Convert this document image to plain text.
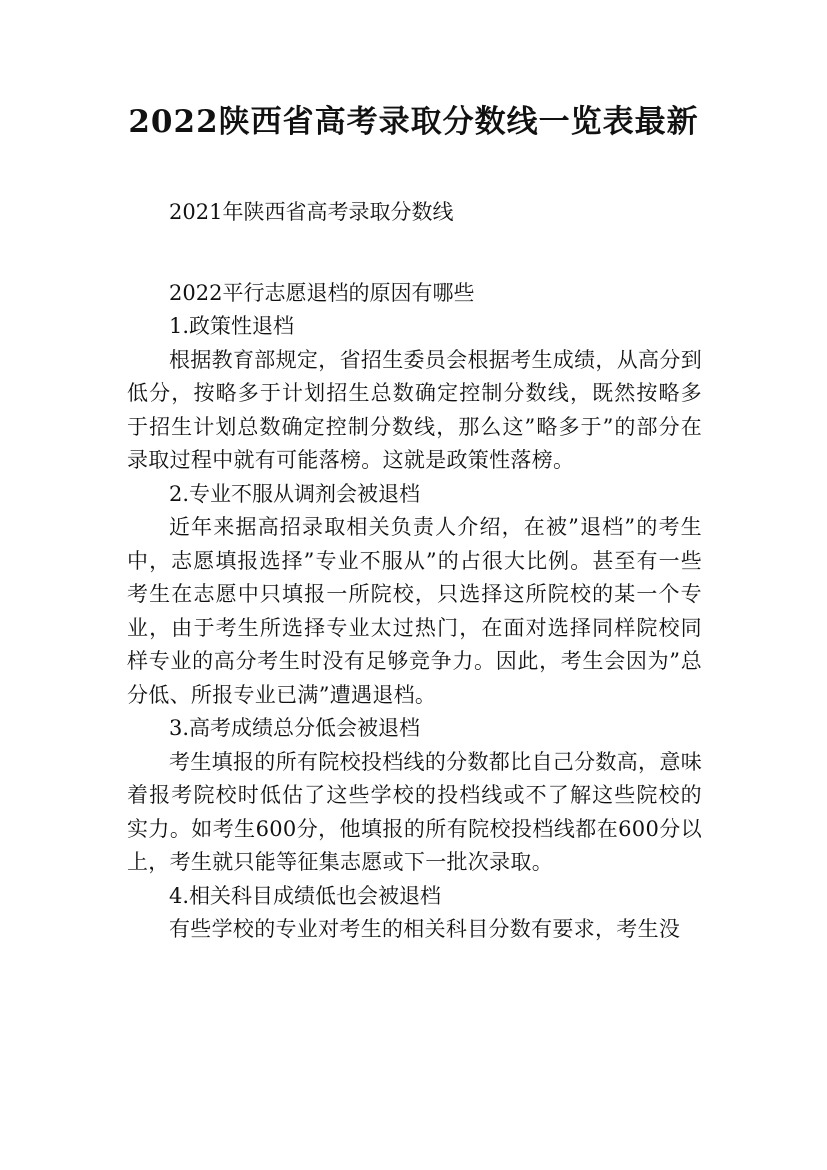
2022陕西省高考录取分数线一览表最新

2021年陕西省高考录取分数线

2022平行志愿退档的原因有哪些

1.政策性退档

根据教育部规定，省招生委员会根据考生成绩，从高分到低分，按略多于计划招生总数确定控制分数线，既然按略多于招生计划总数确定控制分数线，那么这”略多于”的部分在录取过程中就有可能落榜。这就是政策性落榜。

2.专业不服从调剂会被退档

近年来据高招录取相关负责人介绍，在被”退档”的考生中，志愿填报选择”专业不服从”的占很大比例。甚至有一些考生在志愿中只填报一所院校，只选择这所院校的某一个专业，由于考生所选择专业太过热门，在面对选择同样院校同样专业的高分考生时没有足够竞争力。因此，考生会因为”总分低、所报专业已满”遭遇退档。

3.高考成绩总分低会被退档

考生填报的所有院校投档线的分数都比自己分数高，意味着报考院校时低估了这些学校的投档线或不了解这些院校的实力。如考生600分，他填报的所有院校投档线都在600分以上，考生就只能等征集志愿或下一批次录取。

4.相关科目成绩低也会被退档

有些学校的专业对考生的相关科目分数有要求，考生没
